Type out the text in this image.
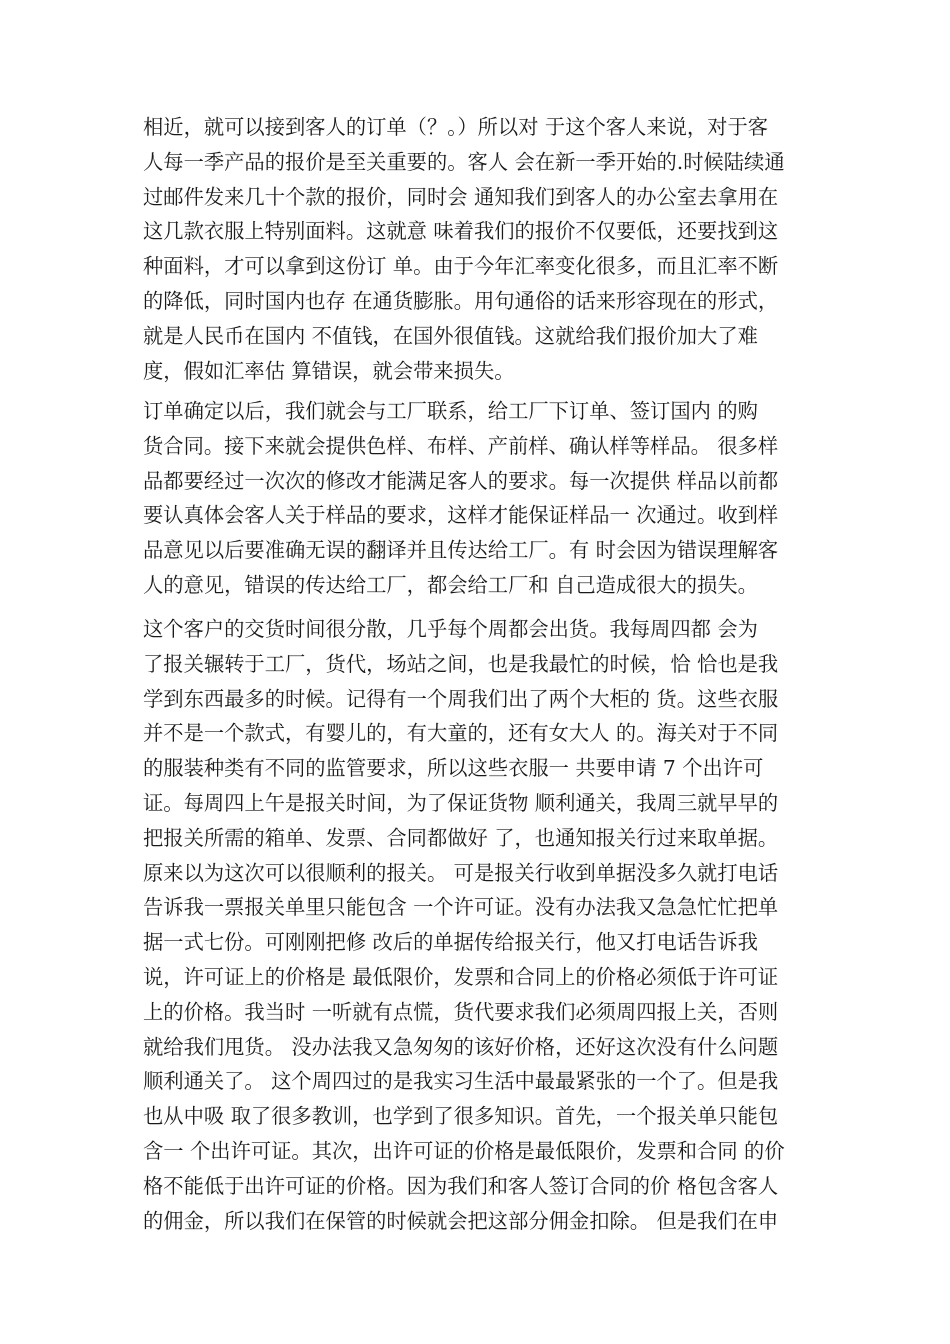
相近，就可以接到客人的订单（？。）所以对 于这个客人来说，对于客
人每一季产品的报价是至关重要的。客人 会在新一季开始的.时候陆续通
过邮件发来几十个款的报价，同时会 通知我们到客人的办公室去拿用在
这几款衣服上特别面料。这就意 味着我们的报价不仅要低，还要找到这
种面料，才可以拿到这份订 单。由于今年汇率变化很多，而且汇率不断
的降低，同时国内也存 在通货膨胀。用句通俗的话来形容现在的形式，
就是人民币在国内 不值钱，在国外很值钱。这就给我们报价加大了难
度，假如汇率估 算错误，就会带来损失。
订单确定以后，我们就会与工厂联系，给工厂下订单、签订国内 的购
货合同。接下来就会提供色样、布样、产前样、确认样等样品。 很多样
品都要经过一次次的修改才能满足客人的要求。每一次提供 样品以前都
要认真体会客人关于样品的要求，这样才能保证样品一 次通过。收到样
品意见以后要准确无误的翻译并且传达给工厂。有 时会因为错误理解客
人的意见，错误的传达给工厂，都会给工厂和 自己造成很大的损失。
这个客户的交货时间很分散，几乎每个周都会出货。我每周四都 会为
了报关辗转于工厂，货代，场站之间，也是我最忙的时候，恰 恰也是我
学到东西最多的时候。记得有一个周我们出了两个大柜的 货。这些衣服
并不是一个款式，有婴儿的，有大童的，还有女大人 的。海关对于不同
的服装种类有不同的监管要求，所以这些衣服一 共要申请 7 个出许可
证。每周四上午是报关时间，为了保证货物 顺利通关，我周三就早早的
把报关所需的箱单、发票、合同都做好 了，也通知报关行过来取单据。
原来以为这次可以很顺利的报关。 可是报关行收到单据没多久就打电话
告诉我一票报关单里只能包含 一个许可证。没有办法我又急急忙忙把单
据一式七份。可刚刚把修 改后的单据传给报关行，他又打电话告诉我
说，许可证上的价格是 最低限价，发票和合同上的价格必须低于许可证
上的价格。我当时 一听就有点慌，货代要求我们必须周四报上关，否则
就给我们甩货。 没办法我又急匆匆的该好价格，还好这次没有什么问题
顺利通关了。 这个周四过的是我实习生活中最最紧张的一个了。但是我
也从中吸 取了很多教训，也学到了很多知识。首先，一个报关单只能包
含一 个出许可证。其次，出许可证的价格是最低限价，发票和合同 的价
格不能低于出许可证的价格。因为我们和客人签订合同的价 格包含客人
的佣金，所以我们在保管的时候就会把这部分佣金扣除。 但是我们在申
